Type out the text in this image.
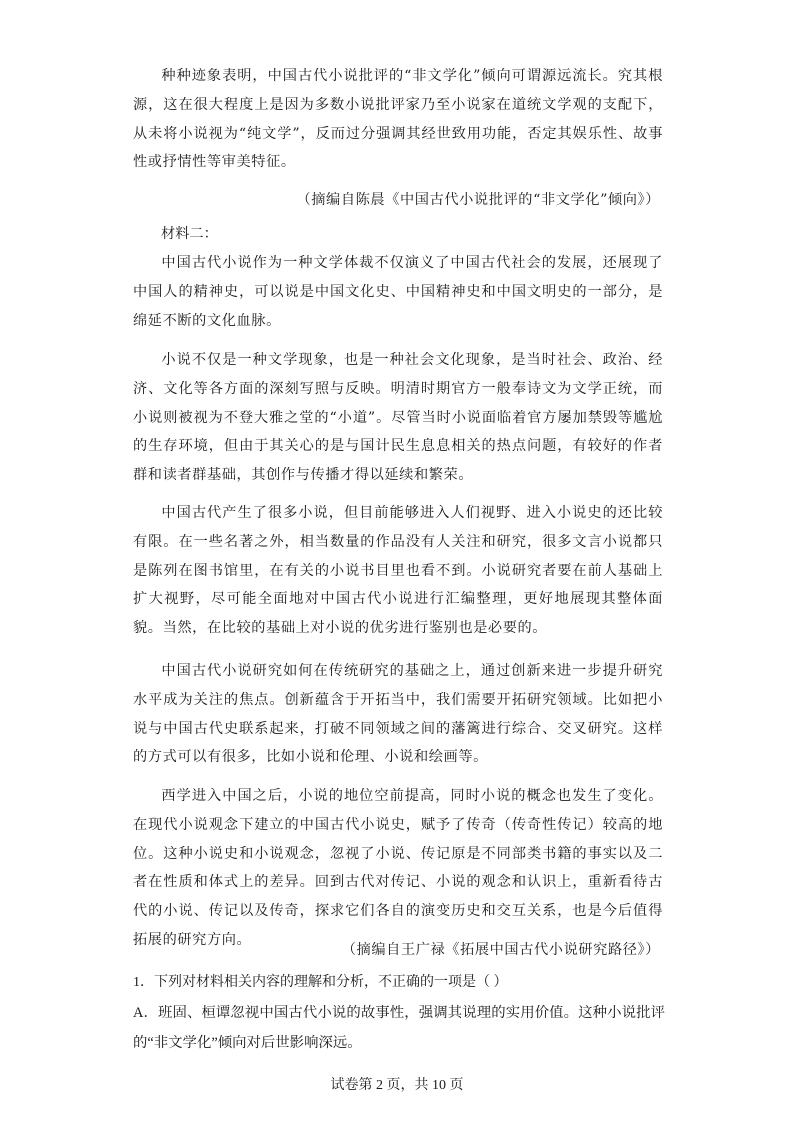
种种迹象表明，中国古代小说批评的“非文学化”倾向可谓源远流长。究其根源，这在很大程度上是因为多数小说批评家乃至小说家在道统文学观的支配下，从未将小说视为“纯文学”，反而过分强调其经世致用功能，否定其娱乐性、故事性或抒情性等审美特征。

（摘编自陈晨《中国古代小说批评的“非文学化”倾向》）

材料二：

中国古代小说作为一种文学体裁不仅演义了中国古代社会的发展，还展现了中国人的精神史，可以说是中国文化史、中国精神史和中国文明史的一部分，是绵延不断的文化血脉。

小说不仅是一种文学现象，也是一种社会文化现象，是当时社会、政治、经济、文化等各方面的深刻写照与反映。明清时期官方一般奉诗文为文学正统，而小说则被视为不登大雅之堂的“小道”。尽管当时小说面临着官方屡加禁毁等尴尬的生存环境，但由于其关心的是与国计民生息息相关的热点问题，有较好的作者群和读者群基础，其创作与传播才得以延续和繁荣。

中国古代产生了很多小说，但目前能够进入人们视野、进入小说史的还比较有限。在一些名著之外，相当数量的作品没有人关注和研究，很多文言小说都只是陈列在图书馆里，在有关的小说书目里也看不到。小说研究者要在前人基础上扩大视野，尽可能全面地对中国古代小说进行汇编整理，更好地展现其整体面貌。当然，在比较的基础上对小说的优劣进行鉴别也是必要的。

中国古代小说研究如何在传统研究的基础之上，通过创新来进一步提升研究水平成为关注的焦点。创新蕴含于开拓当中，我们需要开拓研究领域。比如把小说与中国古代史联系起来，打破不同领域之间的藩篱进行综合、交叉研究。这样的方式可以有很多，比如小说和伦理、小说和绘画等。

西学进入中国之后，小说的地位空前提高，同时小说的概念也发生了变化。在现代小说观念下建立的中国古代小说史，赋予了传奇（传奇性传记）较高的地位。这种小说史和小说观念，忽视了小说、传记原是不同部类书籍的事实以及二者在性质和体式上的差异。回到古代对传记、小说的观念和认识上，重新看待古代的小说、传记以及传奇，探求它们各自的演变历史和交互关系，也是今后值得拓展的研究方向。

（摘编自王广禄《拓展中国古代小说研究路径》）

1．下列对材料相关内容的理解和分析，不正确的一项是（ ）

A．班固、桓谭忽视中国古代小说的故事性，强调其说理的实用价值。这种小说批评的“非文学化”倾向对后世影响深远。

试卷第 2 页，共 10 页
